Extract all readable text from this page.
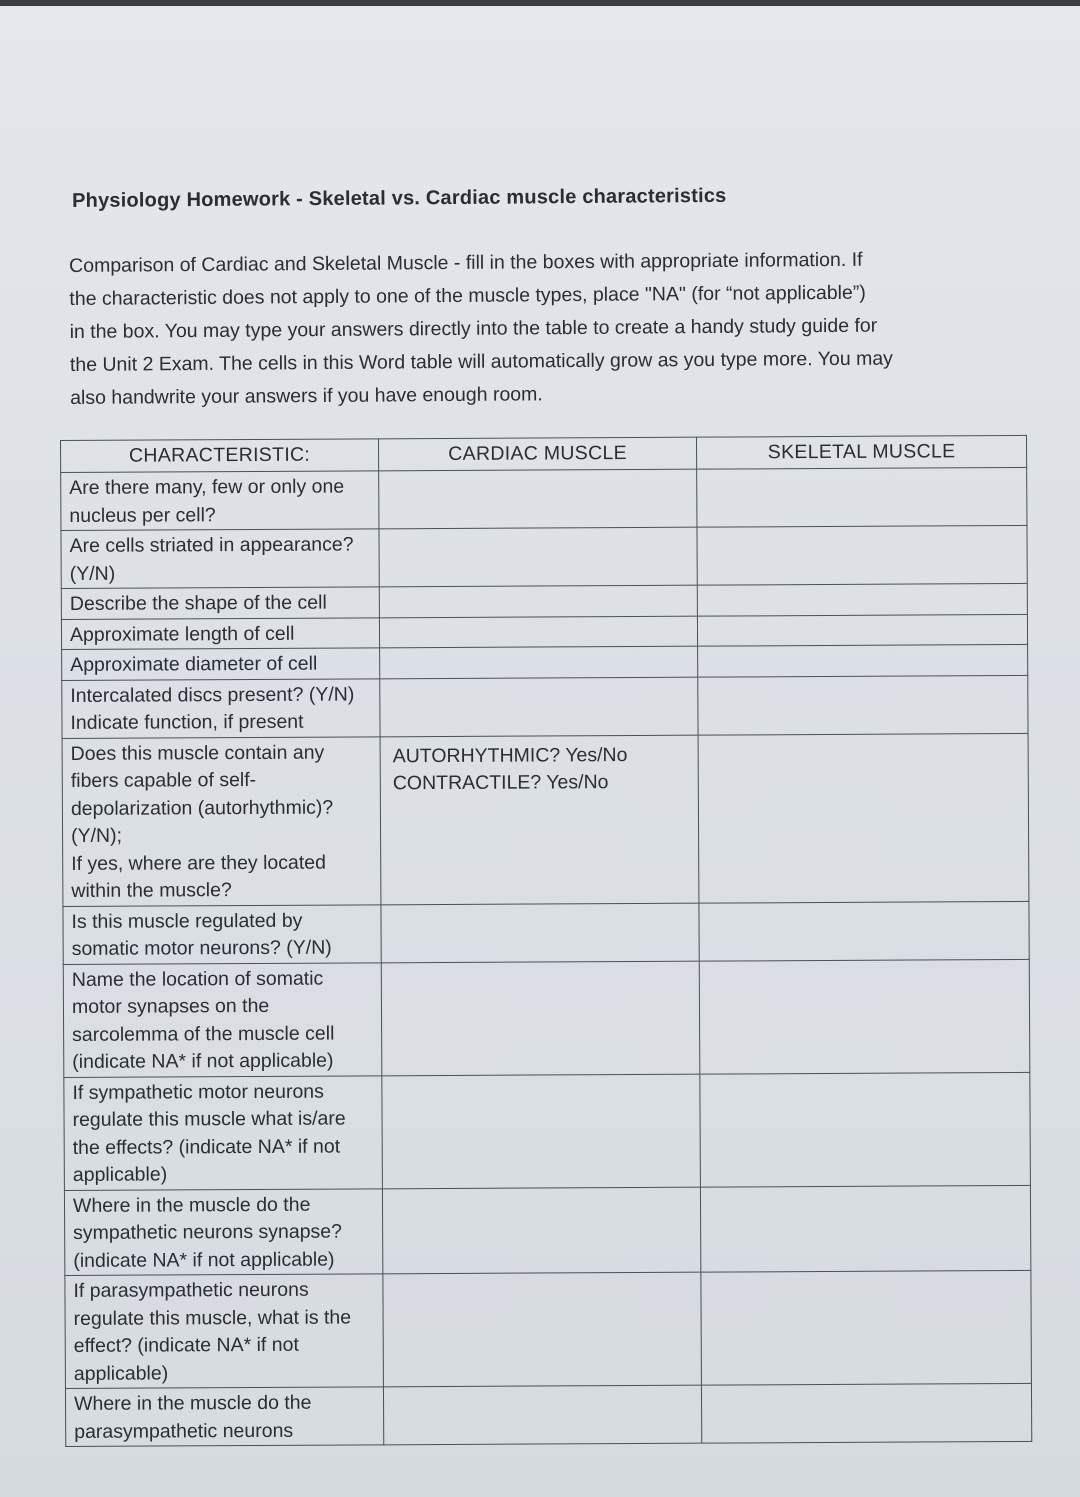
Physiology Homework - Skeletal vs. Cardiac muscle characteristics

Comparison of Cardiac and Skeletal Muscle - fill in the boxes with appropriate information. If

the characteristic does not apply to one of the muscle types, place "NA" (for “not applicable”)

in the box. You may type your answers directly into the table to create a handy study guide for

the Unit 2 Exam. The cells in this Word table will automatically grow as you type more. You may

also handwrite your answers if you have enough room.

CHARACTERISTIC:	CARDIAC MUSCLE	SKELETAL MUSCLE

Are there many, few or only one nucleus per cell?		

Are cells striated in appearance? (Y/N)		

Describe the shape of the cell		

Approximate length of cell		

Approximate diameter of cell		

Intercalated discs present? (Y/N) Indicate function, if present		

Does this muscle contain any fibers capable of self-depolarization (autorhythmic)? (Y/N);
If yes, where are they located within the muscle?	AUTORHYTHMIC? Yes/No
CONTRACTILE? Yes/No	

Is this muscle regulated by somatic motor neurons? (Y/N)		

Name the location of somatic motor synapses on the sarcolemma of the muscle cell (indicate NA* if not applicable)		

If sympathetic motor neurons regulate this muscle what is/are the effects? (indicate NA* if not applicable)		

Where in the muscle do the sympathetic neurons synapse? (indicate NA* if not applicable)		

If parasympathetic neurons regulate this muscle, what is the effect? (indicate NA* if not applicable)		

Where in the muscle do the parasympathetic neurons		
